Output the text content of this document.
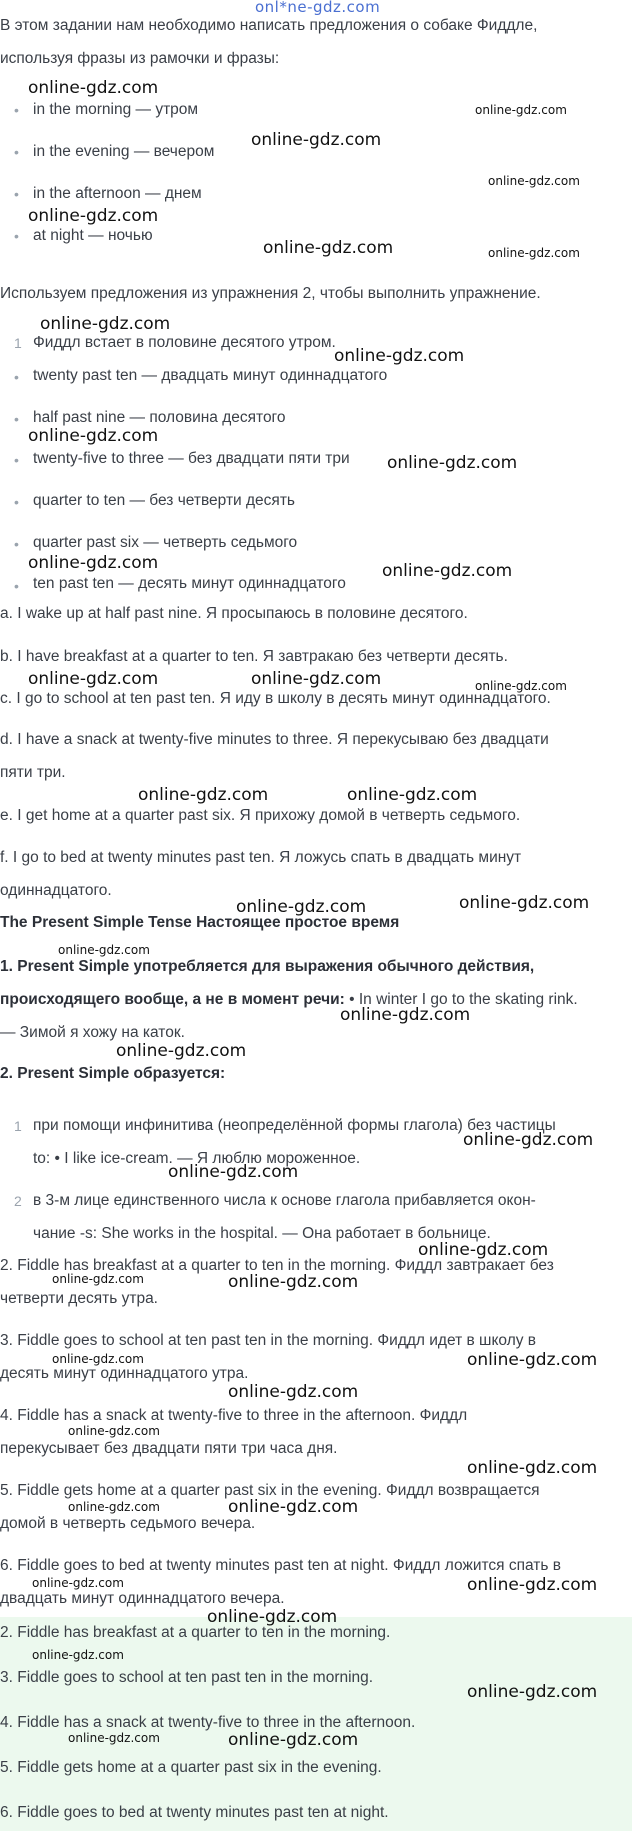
onl*ne-gdz.com
В этом задании нам необходимо написать предложения о собаке Фиддле,
используя фразы из рамочки и фразы:
• in the morning — утром
• in the evening — вечером
• in the afternoon — днем
• at night — ночью
Используем предложения из упражнения 2, чтобы выполнить упражнение.
1 Фиддл встает в половине десятого утром.
• twenty past ten — двадцать минут одиннадцатого
• half past nine — половина десятого
• twenty-five to three — без двадцати пяти три
• quarter to ten — без четверти десять
• quarter past six — четверть седьмого
• ten past ten — десять минут одиннадцатого
a. I wake up at half past nine. Я просыпаюсь в половине десятого.
b. I have breakfast at a quarter to ten. Я завтракаю без четверти десять.
c. I go to school at ten past ten. Я иду в школу в десять минут одиннадцатого.
d. I have a snack at twenty-five minutes to three. Я перекусываю без двадцати
пяти три.
e. I get home at a quarter past six. Я прихожу домой в четверть седьмого.
f. I go to bed at twenty minutes past ten. Я ложусь спать в двадцать минут
одиннадцатого.
The Present Simple Tense Настоящее простое время
1. Present Simple употребляется для выражения обычного действия,
происходящего вообще, а не в момент речи: • In winter I go to the skating rink.
— Зимой я хожу на каток.
2. Present Simple образуется:
1 при помощи инфинитива (неопределённой формы глагола) без частицы
to: • I like ice-cream. — Я люблю мороженное.
2 в 3-м лице единственного числа к основе глагола прибавляется окон-
чание -s: She works in the hospital. — Она работает в больнице.
2. Fiddle has breakfast at a quarter to ten in the morning. Фиддл завтракает без
четверти десять утра.
3. Fiddle goes to school at ten past ten in the morning. Фиддл идет в школу в
десять минут одиннадцатого утра.
4. Fiddle has a snack at twenty-five to three in the afternoon. Фиддл
перекусывает без двадцати пяти три часа дня.
5. Fiddle gets home at a quarter past six in the evening. Фиддл возвращается
домой в четверть седьмого вечера.
6. Fiddle goes to bed at twenty minutes past ten at night. Фиддл ложится спать в
двадцать минут одиннадцатого вечера.
2. Fiddle has breakfast at a quarter to ten in the morning.
3. Fiddle goes to school at ten past ten in the morning.
4. Fiddle has a snack at twenty-five to three in the afternoon.
5. Fiddle gets home at a quarter past six in the evening.
6. Fiddle goes to bed at twenty minutes past ten at night.
online-gdz.com
online-gdz.com
online-gdz.com
online-gdz.com
online-gdz.com
online-gdz.com	online-gdz.com
online-gdz.com
online-gdz.com
online-gdz.com
online-gdz.com
online-gdz.com	online-gdz.com
online-gdz.com	online-gdz.com	online-gdz.com
online-gdz.com	online-gdz.com
online-gdz.com	online-gdz.com
online-gdz.com
online-gdz.com
online-gdz.com
online-gdz.com
online-gdz.com
online-gdz.com
online-gdz.com	online-gdz.com
online-gdz.com	online-gdz.com
online-gdz.com
online-gdz.com
online-gdz.com
online-gdz.com	online-gdz.com
online-gdz.com	online-gdz.com
online-gdz.com
online-gdz.com
online-gdz.com
online-gdz.com	online-gdz.com
